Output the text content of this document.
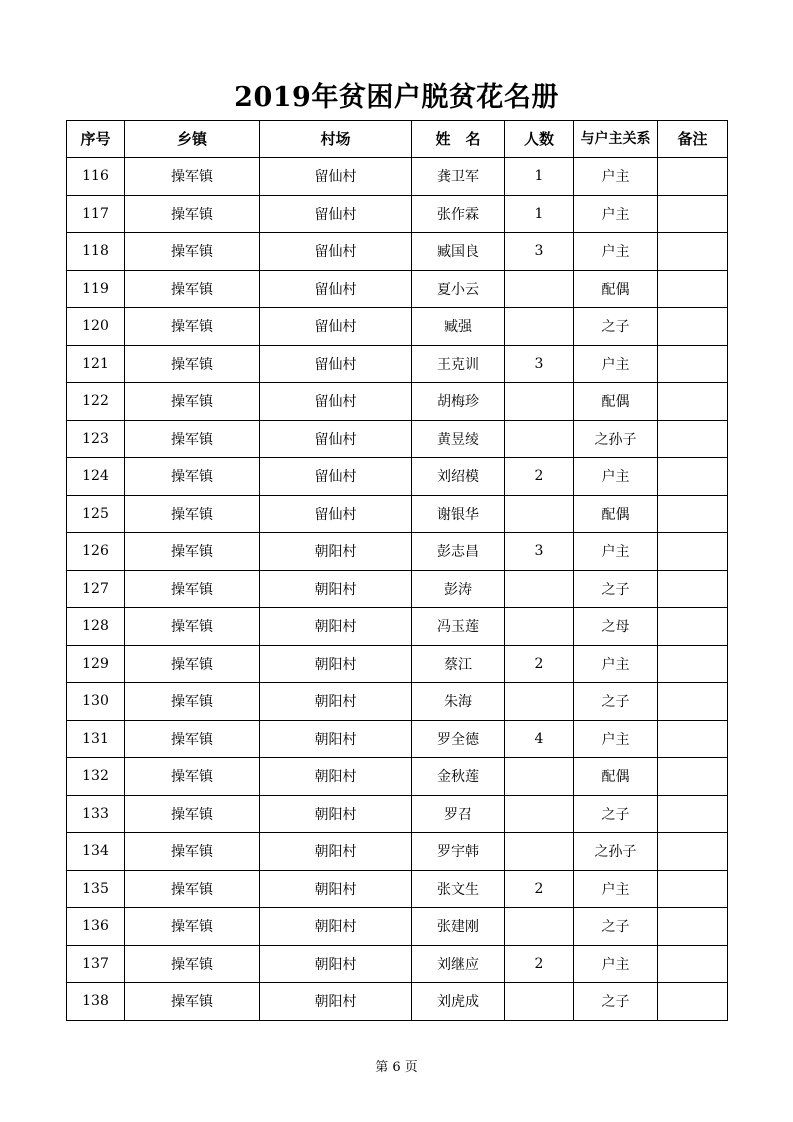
2019年贫困户脱贫花名册
序号	乡镇	村场	姓　名	人数	与户主关系	备注
116	操军镇	留仙村	龚卫军	1	户主	
117	操军镇	留仙村	张作霖	1	户主	
118	操军镇	留仙村	臧国良	3	户主	
119	操军镇	留仙村	夏小云		配偶	
120	操军镇	留仙村	臧强		之子	
121	操军镇	留仙村	王克训	3	户主	
122	操军镇	留仙村	胡梅珍		配偶	
123	操军镇	留仙村	黄昱绫		之孙子	
124	操军镇	留仙村	刘绍模	2	户主	
125	操军镇	留仙村	谢银华		配偶	
126	操军镇	朝阳村	彭志昌	3	户主	
127	操军镇	朝阳村	彭涛		之子	
128	操军镇	朝阳村	冯玉莲		之母	
129	操军镇	朝阳村	蔡江	2	户主	
130	操军镇	朝阳村	朱海		之子	
131	操军镇	朝阳村	罗全德	4	户主	
132	操军镇	朝阳村	金秋莲		配偶	
133	操军镇	朝阳村	罗召		之子	
134	操军镇	朝阳村	罗宇韩		之孙子	
135	操军镇	朝阳村	张文生	2	户主	
136	操军镇	朝阳村	张建刚		之子	
137	操军镇	朝阳村	刘继应	2	户主	
138	操军镇	朝阳村	刘虎成		之子	
第 6 页
